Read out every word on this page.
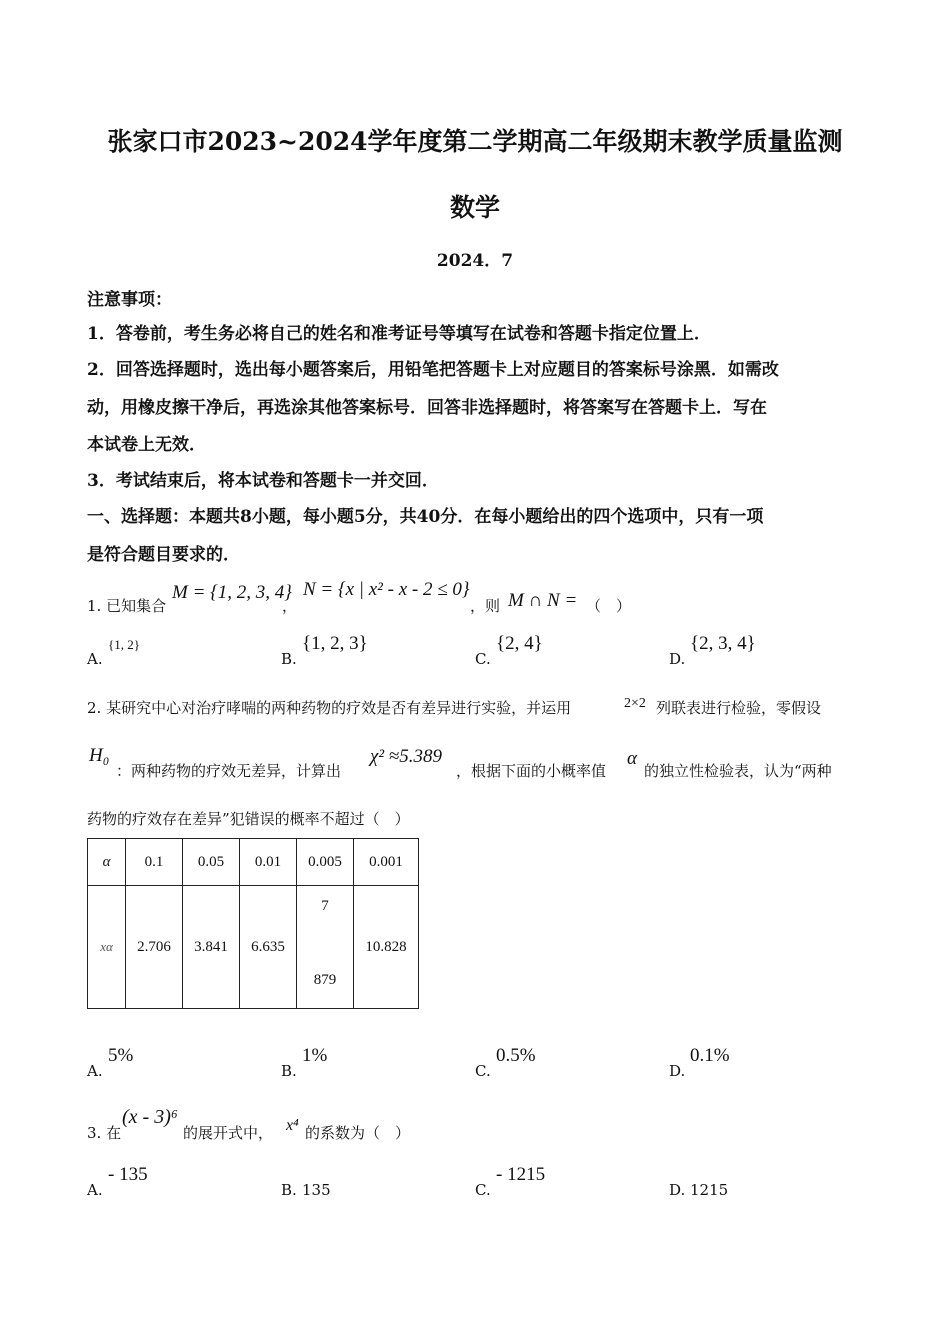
张家口市2023~2024学年度第二学期高二年级期末教学质量监测
数学
2024．7
注意事项：
1．答卷前，考生务必将自己的姓名和准考证号等填写在试卷和答题卡指定位置上．
2．回答选择题时，选出每小题答案后，用铅笔把答题卡上对应题目的答案标号涂黑．如需改
动，用橡皮擦干净后，再选涂其他答案标号．回答非选择题时，将答案写在答题卡上．写在
本试卷上无效．
3．考试结束后，将本试卷和答题卡一并交回．
一、选择题：本题共8小题，每小题5分，共40分．在每小题给出的四个选项中，只有一项
是符合题目要求的．
1. 已知集合
M = {1, 2, 3, 4}
，
N = {x | x² - x - 2 ≤ 0}
，则 M ∩ N = （　）
A.
{1, 2}
B.
{1, 2, 3}
C.
{2, 4}
D.
{2, 3, 4}
2. 某研究中心对治疗哮喘的两种药物的疗效是否有差异进行实验，并运用	2×2 列联表进行检验，零假设
H₀
：两种药物的疗效无差异，计算出
χ² ≈5.389
，根据下面的小概率值
α
的独立性检验表，认为“两种
药物的疗效存在差异”犯错误的概率不超过（　）
α	0.1	0.05	0.01	0.005	0.001
xα	2.706	3.841	6.635	7
879	10.828
A.
5%
B.
1%
C.
0.5%
D.
0.1%
3. 在
(x - 3)⁶
的展开式中， x⁴ 的系数为（　）
A.
- 135
B. 135	C.
- 1215
D. 1215
